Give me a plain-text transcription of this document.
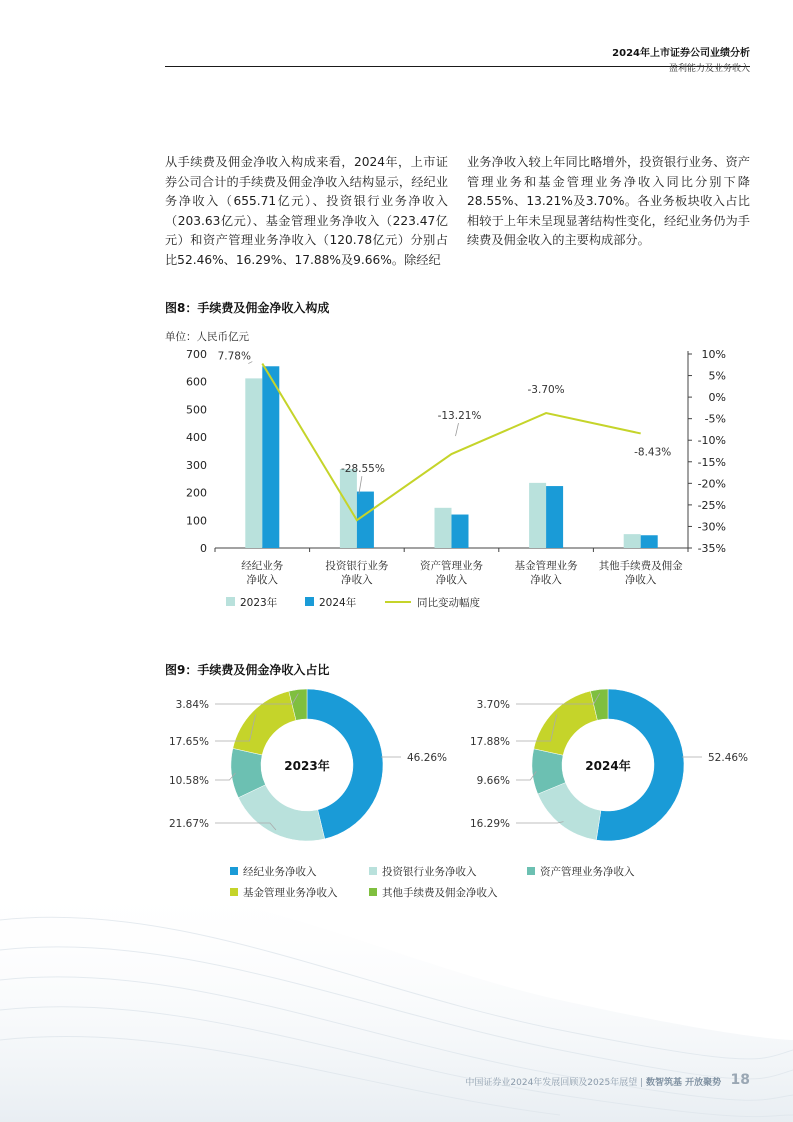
2024年上市证券公司业绩分析
盈利能力及业务收入
从手续费及佣金净收入构成来看，2024年，上市证券公司合计的手续费及佣金净收入结构显示，经纪业务净收入（655.71亿元）、投资银行业务净收入（203.63亿元）、基金管理业务净收入（223.47亿元）和资产管理业务净收入（120.78亿元）分别占比52.46%、16.29%、17.88%及9.66%。除经纪
业务净收入较上年同比略增外，投资银行业务、资产管理业务和基金管理业务净收入同比分别下降28.55%、13.21%及3.70%。各业务板块收入占比相较于上年未呈现显著结构性变化，经纪业务仍为手续费及佣金收入的主要构成部分。
图8：手续费及佣金净收入构成
单位：人民币亿元
0
100
200
300
400
500
600
700
-35%
-30%
-25%
-20%
-15%
-10%
-5%
0%
5%
10%
经纪业务
净收入
投资银行业务
净收入
资产管理业务
净收入
基金管理业务
净收入
其他手续费及佣金
净收入
7.78%
-28.55%
-13.21%
-3.70%
-8.43%
2023年	2024年	同比变动幅度
图9：手续费及佣金净收入占比
46.26%
21.67%
10.58%
17.65%
3.84%
2023年
52.46%
16.29%
9.66%
17.88%
3.70%
2024年
经纪业务净收入	投资银行业务净收入	资产管理业务净收入
基金管理业务净收入	其他手续费及佣金净收入
中国证券业2024年发展回顾及2025年展望 | 数智筑基 开放聚势 18
